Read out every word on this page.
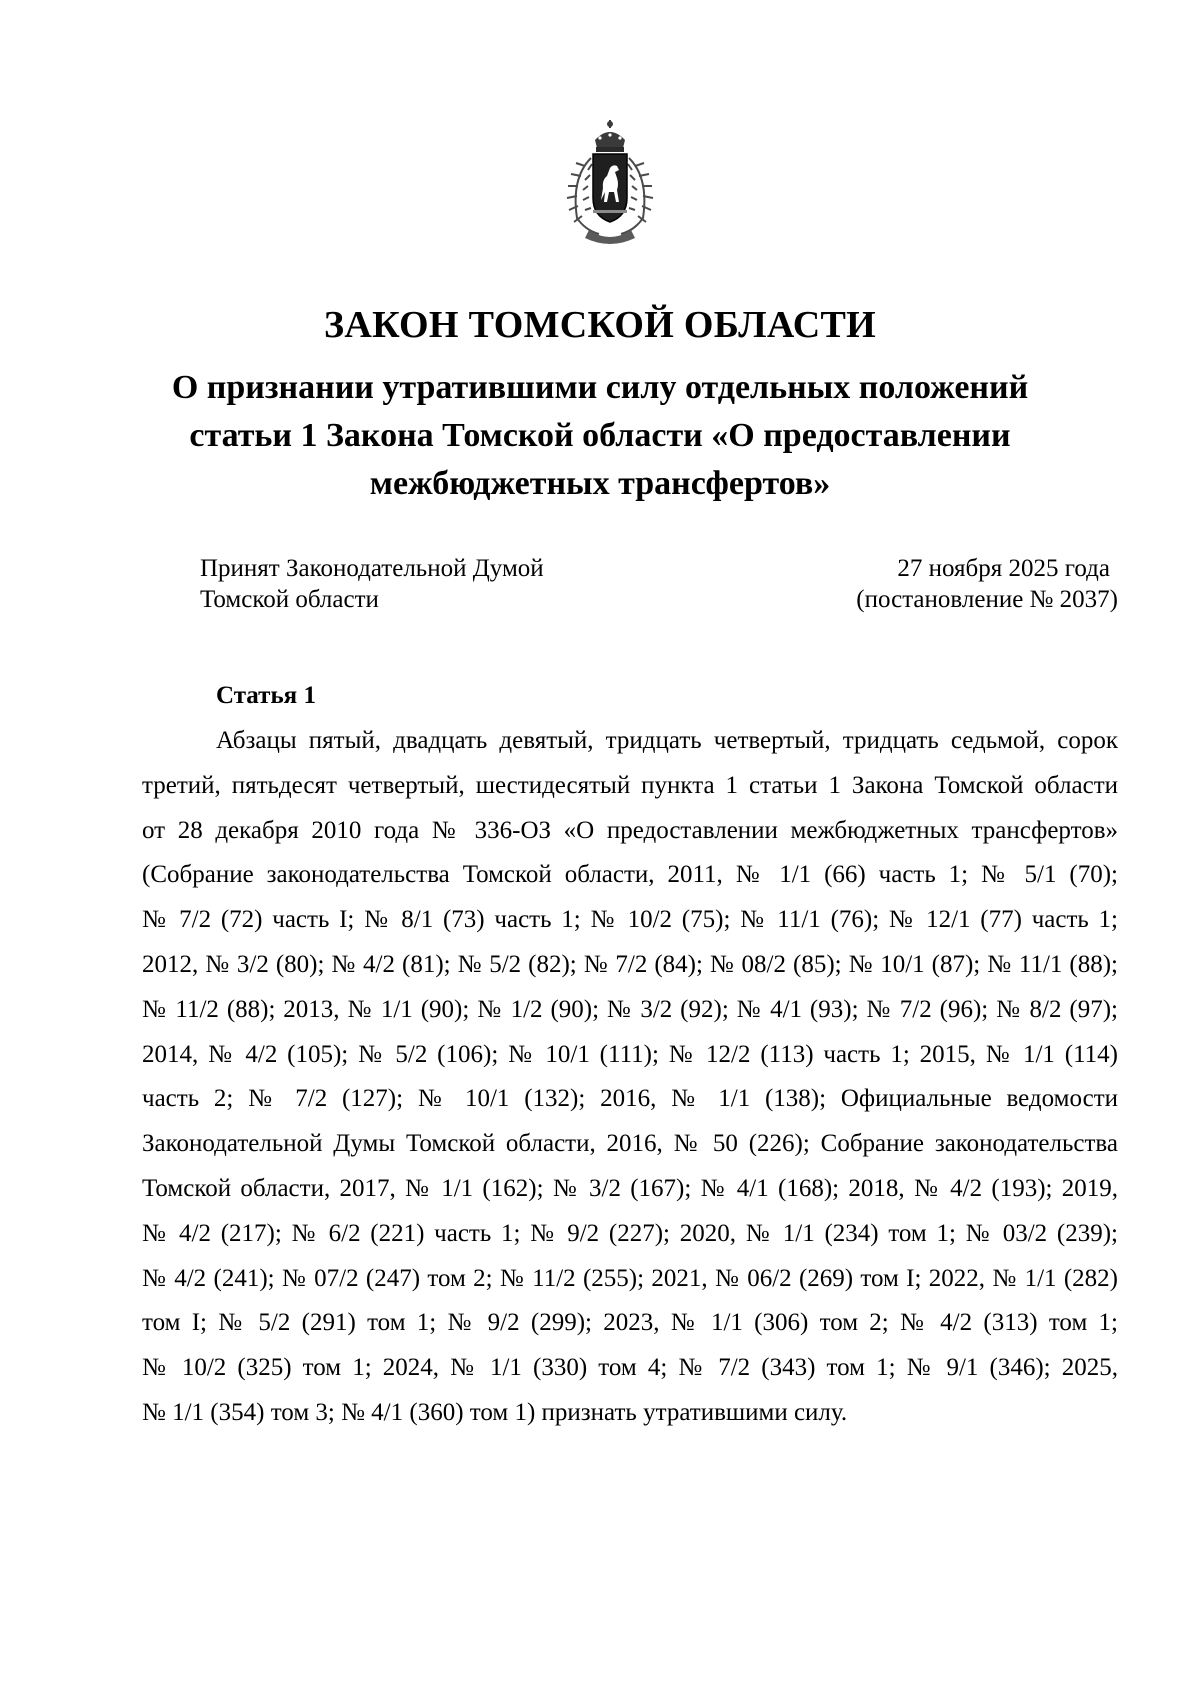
ЗАКОН ТОМСКОЙ ОБЛАСТИ
О признании утратившими силу отдельных положений
статьи 1 Закона Томской области «О предоставлении
межбюджетных трансфертов»
Принят Законодательной Думой
Томской области
27 ноября 2025 года
(постановление № 2037)
Статья 1
Абзацы пятый, двадцать девятый, тридцать четвертый, тридцать седьмой, сорок
третий, пятьдесят четвертый, шестидесятый пункта 1 статьи 1 Закона Томской области
от 28 декабря 2010 года № 336-ОЗ «О предоставлении межбюджетных трансфертов»
(Собрание законодательства Томской области, 2011, № 1/1 (66) часть 1; № 5/1 (70);
№ 7/2 (72) часть I; № 8/1 (73) часть 1; № 10/2 (75); № 11/1 (76); № 12/1 (77) часть 1;
2012, № 3/2 (80); № 4/2 (81); № 5/2 (82); № 7/2 (84); № 08/2 (85); № 10/1 (87); № 11/1 (88);
№ 11/2 (88); 2013, № 1/1 (90); № 1/2 (90); № 3/2 (92); № 4/1 (93); № 7/2 (96); № 8/2 (97);
2014, № 4/2 (105); № 5/2 (106); № 10/1 (111); № 12/2 (113) часть 1; 2015, № 1/1 (114)
часть 2; № 7/2 (127); № 10/1 (132); 2016, № 1/1 (138); Официальные ведомости
Законодательной Думы Томской области, 2016, № 50 (226); Собрание законодательства
Томской области, 2017, № 1/1 (162); № 3/2 (167); № 4/1 (168); 2018, № 4/2 (193); 2019,
№ 4/2 (217); № 6/2 (221) часть 1; № 9/2 (227); 2020, № 1/1 (234) том 1; № 03/2 (239);
№ 4/2 (241); № 07/2 (247) том 2; № 11/2 (255); 2021, № 06/2 (269) том I; 2022, № 1/1 (282)
том I; № 5/2 (291) том 1; № 9/2 (299); 2023, № 1/1 (306) том 2; № 4/2 (313) том 1;
№ 10/2 (325) том 1; 2024, № 1/1 (330) том 4; № 7/2 (343) том 1; № 9/1 (346); 2025,
№ 1/1 (354) том 3; № 4/1 (360) том 1) признать утратившими силу.
